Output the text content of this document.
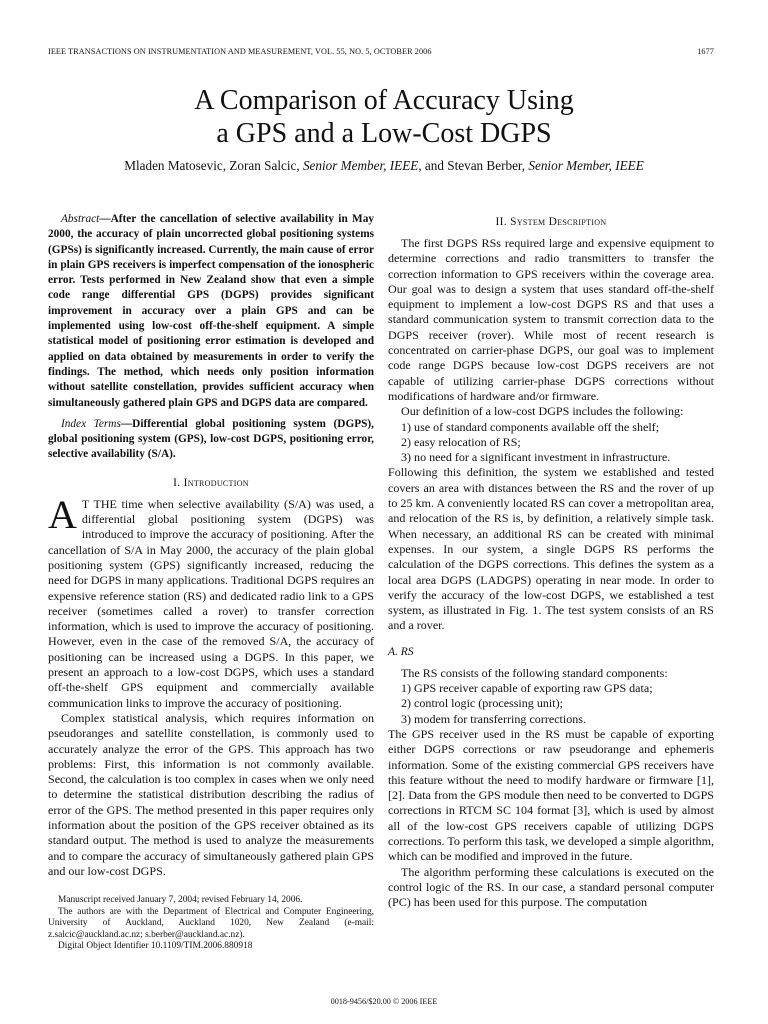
IEEE TRANSACTIONS ON INSTRUMENTATION AND MEASUREMENT, VOL. 55, NO. 5, OCTOBER 2006	1677
A Comparison of Accuracy Using
a GPS and a Low-Cost DGPS
Mladen Matosevic, Zoran Salcic, Senior Member, IEEE, and Stevan Berber, Senior Member, IEEE

Abstract—After the cancellation of selective availability in May 2000, the accuracy of plain uncorrected global positioning systems (GPSs) is significantly increased. Currently, the main cause of error in plain GPS receivers is imperfect compensation of the ionospheric error. Tests performed in New Zealand show that even a simple code range differential GPS (DGPS) provides significant improvement in accuracy over a plain GPS and can be implemented using low-cost off-the-shelf equipment. A simple statistical model of positioning error estimation is developed and applied on data obtained by measurements in order to verify the findings. The method, which needs only position information without satellite constellation, provides sufficient accuracy when simultaneously gathered plain GPS and DGPS data are compared.

Index Terms—Differential global positioning system (DGPS), global positioning system (GPS), low-cost DGPS, positioning error, selective availability (S/A).

I. Introduction

A T THE time when selective availability (S/A) was used, a differential global positioning system (DGPS) was introduced to improve the accuracy of positioning. After the cancellation of S/A in May 2000, the accuracy of the plain global positioning system (GPS) significantly increased, reducing the need for DGPS in many applications. Traditional DGPS requires an expensive reference station (RS) and dedicated radio link to a GPS receiver (sometimes called a rover) to transfer correction information, which is used to improve the accuracy of positioning. However, even in the case of the removed S/A, the accuracy of positioning can be increased using a DGPS. In this paper, we present an approach to a low-cost DGPS, which uses a standard off-the-shelf GPS equipment and commercially available communication links to improve the accuracy of positioning.

Complex statistical analysis, which requires information on pseudoranges and satellite constellation, is commonly used to accurately analyze the error of the GPS. This approach has two problems: First, this information is not commonly available. Second, the calculation is too complex in cases when we only need to determine the statistical distribution describing the radius of error of the GPS. The method presented in this paper requires only information about the position of the GPS receiver obtained as its standard output. The method is used to analyze the measurements and to compare the accuracy of simultaneously gathered plain GPS and our low-cost DGPS.

Manuscript received January 7, 2004; revised February 14, 2006.

The authors are with the Department of Electrical and Computer Engineering, University of Auckland, Auckland 1020, New Zealand (e-mail: z.salcic@auckland.ac.nz; s.berber@auckland.ac.nz).

Digital Object Identifier 10.1109/TIM.2006.880918

II. System Description

The first DGPS RSs required large and expensive equipment to determine corrections and radio transmitters to transfer the correction information to GPS receivers within the coverage area. Our goal was to design a system that uses standard off-the-shelf equipment to implement a low-cost DGPS RS and that uses a standard communication system to transmit correction data to the DGPS receiver (rover). While most of recent research is concentrated on carrier-phase DGPS, our goal was to implement code range DGPS because low-cost DGPS receivers are not capable of utilizing carrier-phase DGPS corrections without modifications of hardware and/or firmware.

Our definition of a low-cost DGPS includes the following:

1) use of standard components available off the shelf;
2) easy relocation of RS;
3) no need for a significant investment in infrastructure.

Following this definition, the system we established and tested covers an area with distances between the RS and the rover of up to 25 km. A conveniently located RS can cover a metropolitan area, and relocation of the RS is, by definition, a relatively simple task. When necessary, an additional RS can be created with minimal expenses. In our system, a single DGPS RS performs the calculation of the DGPS corrections. This defines the system as a local area DGPS (LADGPS) operating in near mode. In order to verify the accuracy of the low-cost DGPS, we established a test system, as illustrated in Fig. 1. The test system consists of an RS and a rover.

A. RS

The RS consists of the following standard components:

1) GPS receiver capable of exporting raw GPS data;
2) control logic (processing unit);
3) modem for transferring corrections.

The GPS receiver used in the RS must be capable of exporting either DGPS corrections or raw pseudorange and ephemeris information. Some of the existing commercial GPS receivers have this feature without the need to modify hardware or firmware [1], [2]. Data from the GPS module then need to be converted to DGPS corrections in RTCM SC 104 format [3], which is used by almost all of the low-cost GPS receivers capable of utilizing DGPS corrections. To perform this task, we developed a simple algorithm, which can be modified and improved in the future.

The algorithm performing these calculations is executed on the control logic of the RS. In our case, a standard personal computer (PC) has been used for this purpose. The computation

0018-9456/$20.00 © 2006 IEEE
